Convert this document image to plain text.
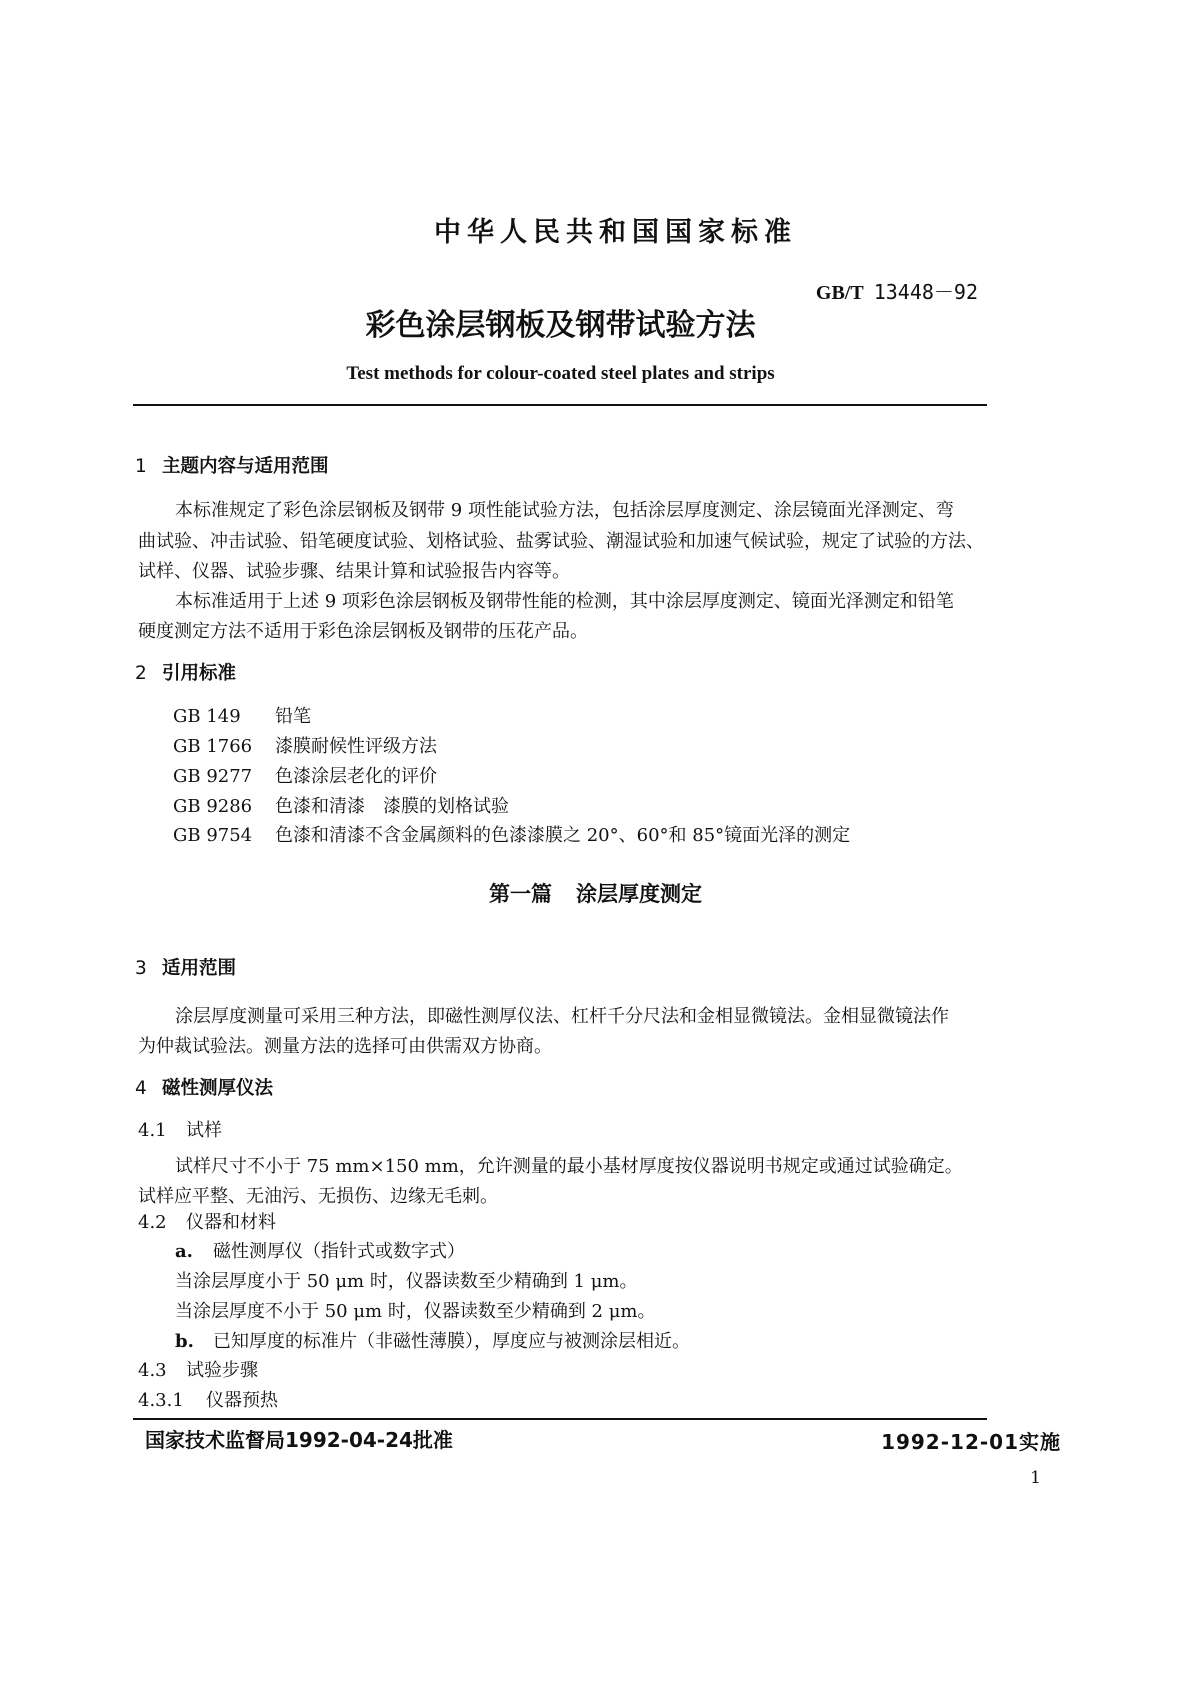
中华人民共和国国家标准
GB/T 13448－92
彩色涂层钢板及钢带试验方法
Test methods for colour-coated steel plates and strips
1 主题内容与适用范围
本标准规定了彩色涂层钢板及钢带 9 项性能试验方法，包括涂层厚度测定、涂层镜面光泽测定、弯
曲试验、冲击试验、铅笔硬度试验、划格试验、盐雾试验、潮湿试验和加速气候试验，规定了试验的方法、
试样、仪器、试验步骤、结果计算和试验报告内容等。
本标准适用于上述 9 项彩色涂层钢板及钢带性能的检测，其中涂层厚度测定、镜面光泽测定和铅笔
硬度测定方法不适用于彩色涂层钢板及钢带的压花产品。
2 引用标准
GB 149 铅笔
GB 1766 漆膜耐候性评级方法
GB 9277 色漆涂层老化的评价
GB 9286 色漆和清漆　漆膜的划格试验
GB 9754 色漆和清漆不含金属颜料的色漆漆膜之 20°、60°和 85°镜面光泽的测定
第一篇 涂层厚度测定
3 适用范围
涂层厚度测量可采用三种方法，即磁性测厚仪法、杠杆千分尺法和金相显微镜法。金相显微镜法作
为仲裁试验法。测量方法的选择可由供需双方协商。
4 磁性测厚仪法
4.1 试样
试样尺寸不小于 75 mm×150 mm，允许测量的最小基材厚度按仪器说明书规定或通过试验确定。
试样应平整、无油污、无损伤、边缘无毛刺。
4.2 仪器和材料
a. 磁性测厚仪（指针式或数字式）
当涂层厚度小于 50 μm 时，仪器读数至少精确到 1 μm。
当涂层厚度不小于 50 μm 时，仪器读数至少精确到 2 μm。
b. 已知厚度的标准片（非磁性薄膜），厚度应与被测涂层相近。
4.3 试验步骤
4.3.1 仪器预热
国家技术监督局1992-04-24批准	1992-12-01实施
1
